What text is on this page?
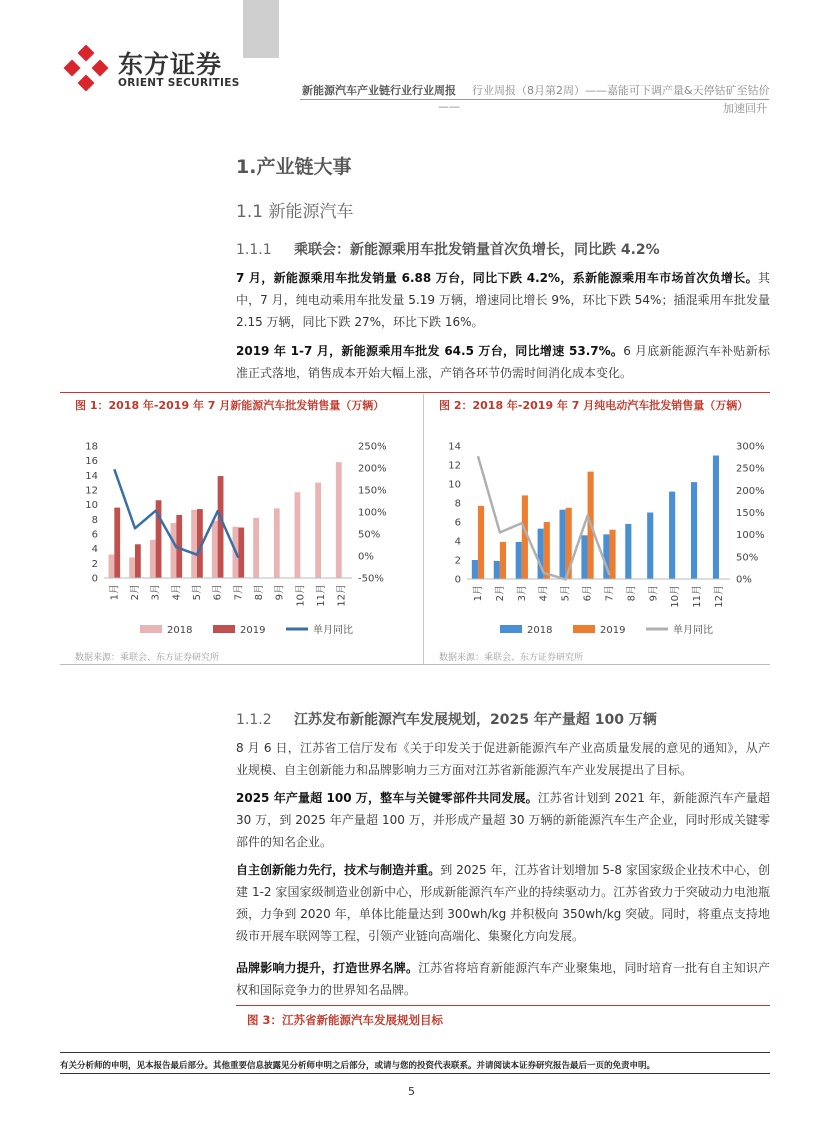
东方证券
ORIENT SECURITIES
新能源汽车产业链行业行业周报 行业周报（8月第2周）——嘉能可下调产量&天停钴矿至钴价
——	加速回升
1.产业链大事
1.1 新能源汽车
1.1.1 乘联会：新能源乘用车批发销量首次负增长，同比跌 4.2%
7 月，新能源乘用车批发销量 6.88 万台，同比下跌 4.2%，系新能源乘用车市场首次负增长。其中，7 月，纯电动乘用车批发量 5.19 万辆，增速同比增长 9%，环比下跌 54%；插混乘用车批发量 2.15 万辆，同比下跌 27%，环比下跌 16%。
2019 年 1-7 月，新能源乘用车批发 64.5 万台，同比增速 53.7%。6 月底新能源汽车补贴新标准正式落地，销售成本开始大幅上涨，产销各环节仍需时间消化成本变化。
图 1：2018 年-2019 年 7 月新能源汽车批发销售量（万辆）	图 2：2018 年-2019 年 7 月纯电动汽车批发销售量（万辆）
数据来源：乘联会、东方证券研究所	数据来源：乘联会、东方证券研究所
0
2
4
6
8
10
12
14
16
18
-50%
0%
50%
100%
150%
200%
250%
1月 2月 3月 4月 5月 6月 7月 8月 9月 10月 11月 12月
2018	2019	单月同比
0
2
4
6
8
10
12
14
0%
50%
100%
150%
200%
250%
300%
1月 2月 3月 4月 5月 6月 7月 8月 9月 10月 11月 12月
2018	2019	单月同比
1.1.2 江苏发布新能源汽车发展规划，2025 年产量超 100 万辆
8 月 6 日，江苏省工信厅发布《关于印发关于促进新能源汽车产业高质量发展的意见的通知》，从产业规模、自主创新能力和品牌影响力三方面对江苏省新能源汽车产业发展提出了目标。
2025 年产量超 100 万，整车与关键零部件共同发展。江苏省计划到 2021 年，新能源汽车产量超 30 万，到 2025 年产量超 100 万，并形成产量超 30 万辆的新能源汽车生产企业，同时形成关键零部件的知名企业。
自主创新能力先行，技术与制造并重。到 2025 年，江苏省计划增加 5-8 家国家级企业技术中心，创建 1-2 家国家级制造业创新中心，形成新能源汽车产业的持续驱动力。江苏省致力于突破动力电池瓶颈，力争到 2020 年，单体比能量达到 300wh/kg 并积极向 350wh/kg 突破。同时，将重点支持地级市开展车联网等工程，引领产业链向高端化、集聚化方向发展。
品牌影响力提升，打造世界名牌。江苏省将培育新能源汽车产业聚集地，同时培育一批有自主知识产权和国际竞争力的世界知名品牌。
图 3：江苏省新能源汽车发展规划目标
有关分析师的申明，见本报告最后部分。其他重要信息披露见分析师申明之后部分，或请与您的投资代表联系。并请阅读本证券研究报告最后一页的免责申明。
5
